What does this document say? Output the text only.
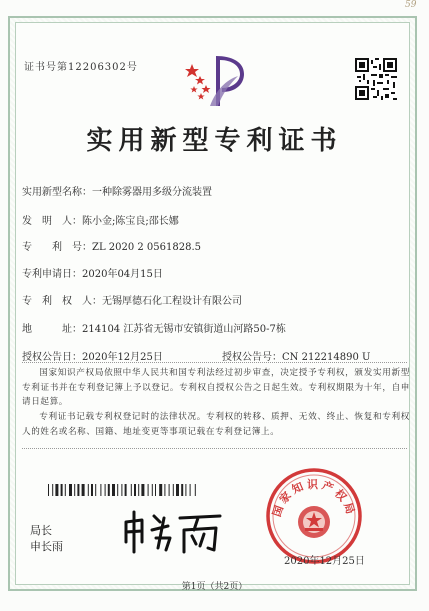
59
证书号第12206302号
实用新型专利证书
实用新型名称：一种除雾器用多级分流装置
发　明　人：陈小金;陈宝良;邵长娜
专　　利　号：ZL 2020 2 0561828.5
专利申请日：2020年04月15日
专　利　权　人：无锡厚德石化工程设计有限公司
地　　　址：214104 江苏省无锡市安镇街道山河路50-7栋
授权公告日：2020年12月25日	授权公告号：CN 212214890 U
国家知识产权局依照中华人民共和国专利法经过初步审查，决定授予专利权，颁发实用新型专利证书并在专利登记簿上予以登记。专利权自授权公告之日起生效。专利权期限为十年，自申请日起算。
专利证书记载专利权登记时的法律状况。专利权的转移、质押、无效、终止、恢复和专利权人的姓名或名称、国籍、地址变更等事项记载在专利登记簿上。
局长
申长雨
国家知识产权局
2020年12月25日
第1页（共2页）
